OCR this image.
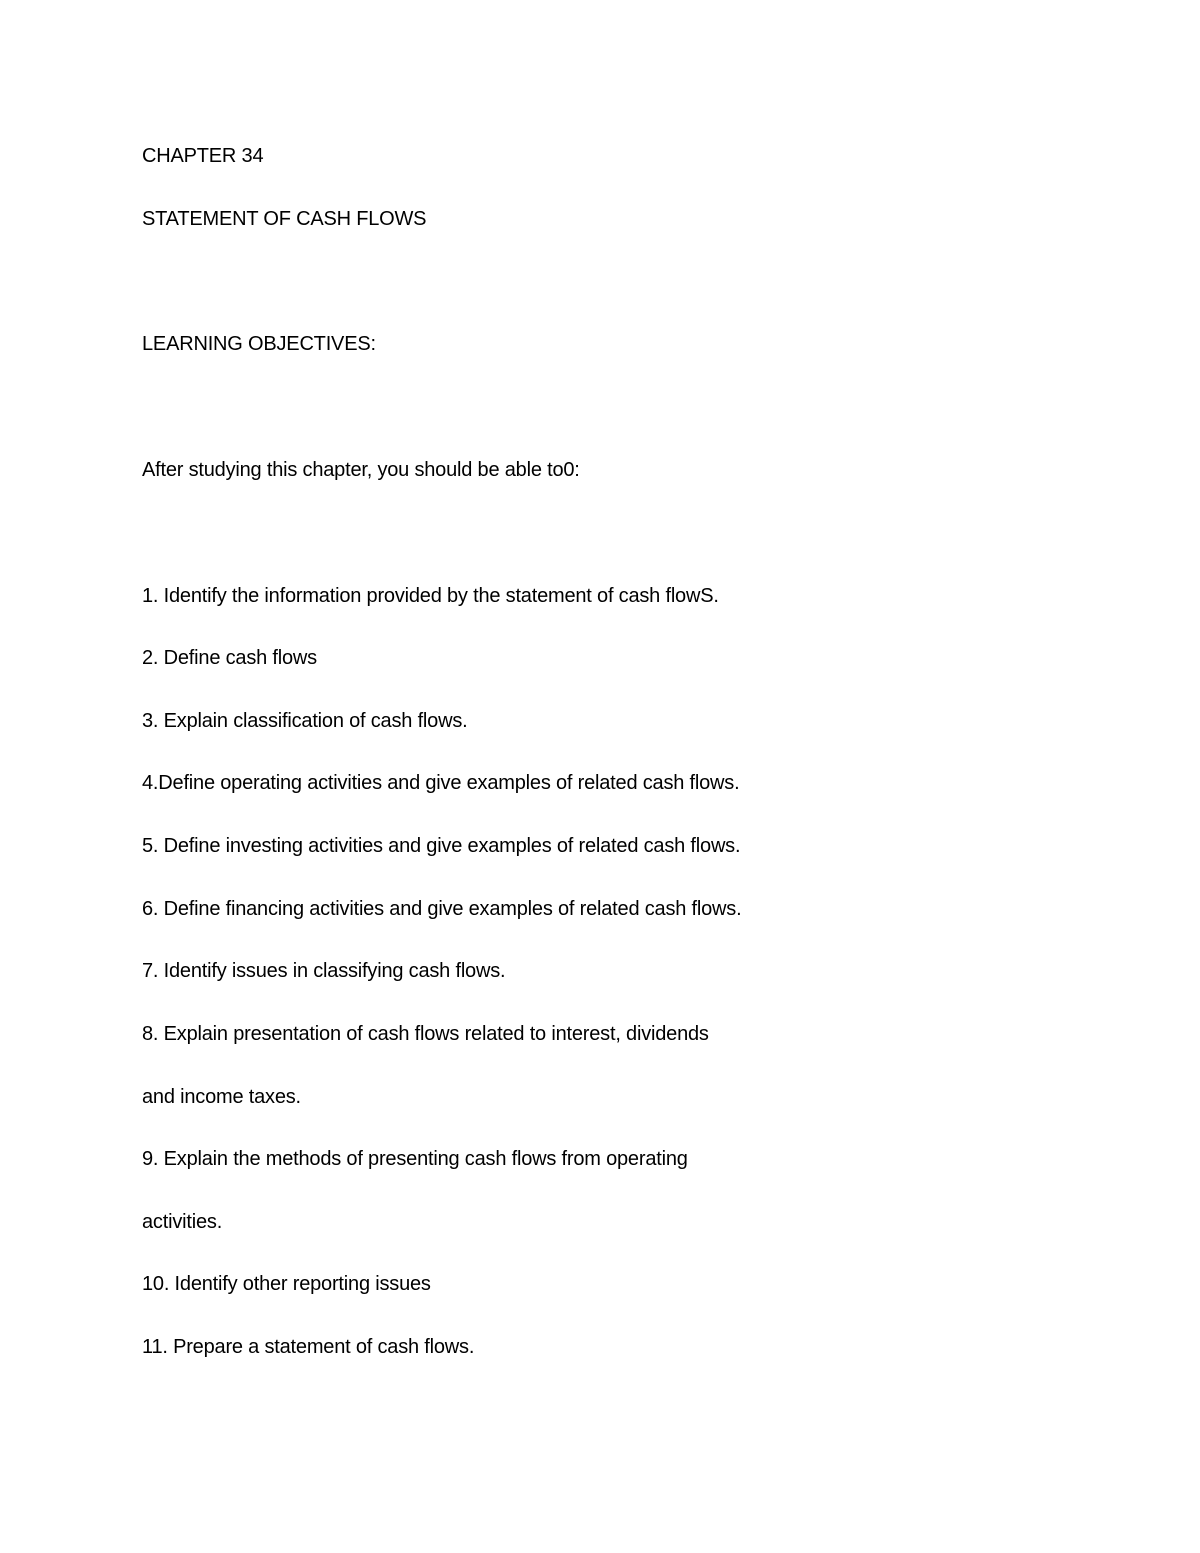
CHAPTER 34
STATEMENT OF CASH FLOWS
LEARNING OBJECTIVES:
After studying this chapter, you should be able to0:
1. Identify the information provided by the statement of cash flowS.
2. Define cash flows
3. Explain classification of cash flows.
4.Define operating activities and give examples of related cash flows.
5. Define investing activities and give examples of related cash flows.
6. Define financing activities and give examples of related cash flows.
7. Identify issues in classifying cash flows.
8. Explain presentation of cash flows related to interest, dividends
and income taxes.
9. Explain the methods of presenting cash flows from operating
activities.
10. Identify other reporting issues
11. Prepare a statement of cash flows.
